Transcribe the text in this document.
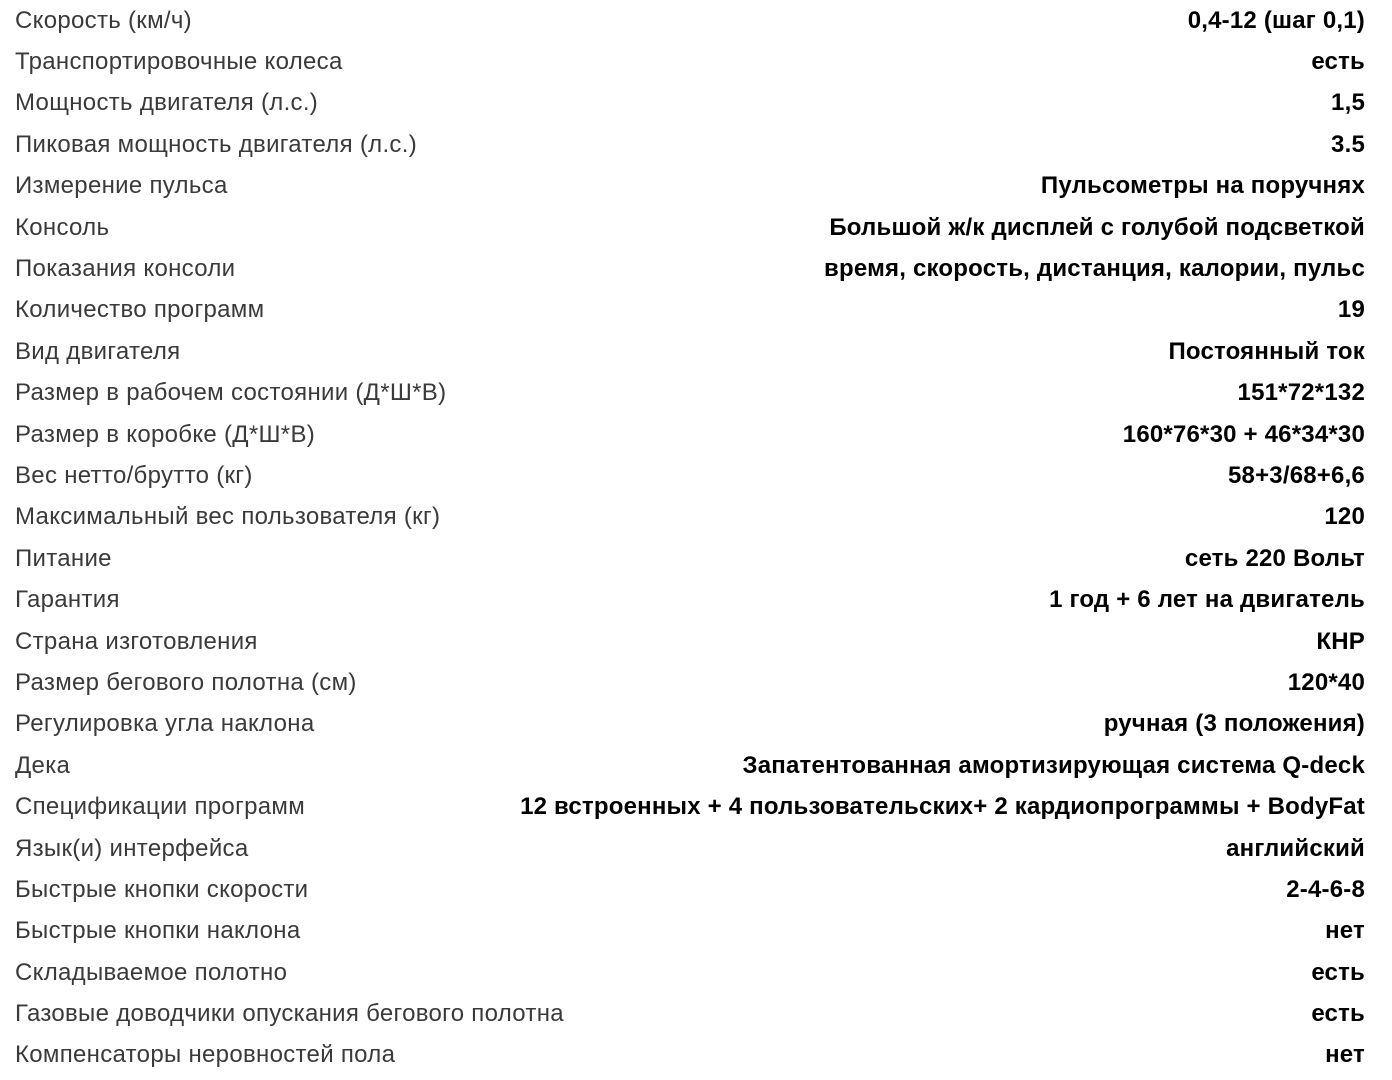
Скорость (км/ч)	0,4-12 (шаг 0,1)
Транспортировочные колеса	есть
Мощность двигателя (л.с.)	1,5
Пиковая мощность двигателя (л.с.)	3.5
Измерение пульса	Пульсометры на поручнях
Консоль	Большой ж/к дисплей с голубой подсветкой
Показания консоли	время, скорость, дистанция, калории, пульс
Количество программ	19
Вид двигателя	Постоянный ток
Размер в рабочем состоянии (Д*Ш*В)	151*72*132
Размер в коробке (Д*Ш*В)	160*76*30 + 46*34*30
Вес нетто/брутто (кг)	58+3/68+6,6
Максимальный вес пользователя (кг)	120
Питание	сеть 220 Вольт
Гарантия	1 год + 6 лет на двигатель
Страна изготовления	КНР
Размер бегового полотна (см)	120*40
Регулировка угла наклона	ручная (3 положения)
Дека	Запатентованная амортизирующая система Q-deck
Спецификации программ	12 встроенных + 4 пользовательских+ 2 кардиопрограммы + BodyFat
Язык(и) интерфейса	английский
Быстрые кнопки скорости	2-4-6-8
Быстрые кнопки наклона	нет
Складываемое полотно	есть
Газовые доводчики опускания бегового полотна	есть
Компенсаторы неровностей пола	нет
